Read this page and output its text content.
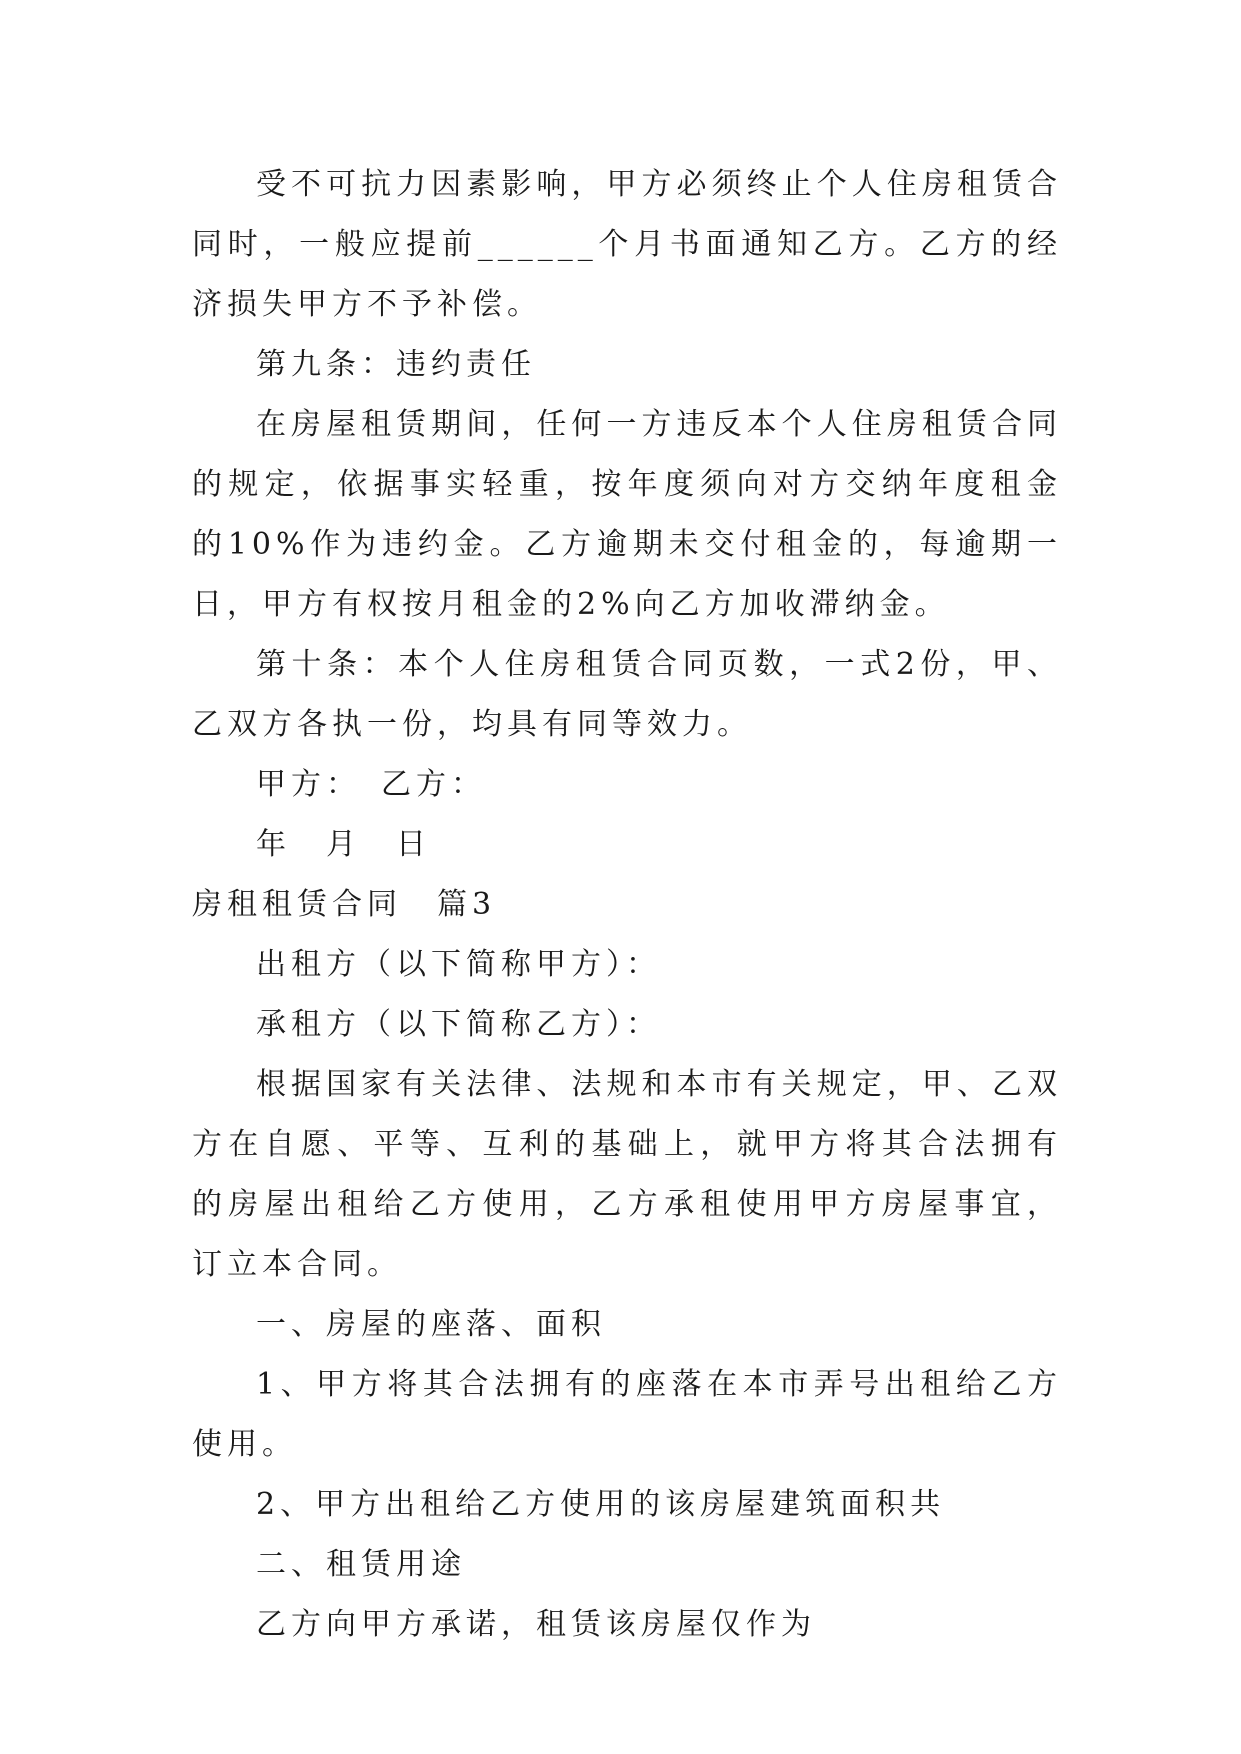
受不可抗力因素影响，甲方必须终止个人住房租赁合同时，一般应提前______个月书面通知乙方。乙方的经济损失甲方不予补偿。

第九条：违约责任

在房屋租赁期间，任何一方违反本个人住房租赁合同的规定，依据事实轻重，按年度须向对方交纳年度租金的10%作为违约金。乙方逾期未交付租金的，每逾期一日，甲方有权按月租金的2%向乙方加收滞纳金。

第十条：本个人住房租赁合同页数，一式2份，甲、乙双方各执一份，均具有同等效力。

甲方：　乙方：

年　月　日

房租租赁合同　篇3

出租方（以下简称甲方）：

承租方（以下简称乙方）：

根据国家有关法律、法规和本市有关规定，甲、乙双方在自愿、平等、互利的基础上，就甲方将其合法拥有的房屋出租给乙方使用，乙方承租使用甲方房屋事宜，订立本合同。

一、房屋的座落、面积

1、甲方将其合法拥有的座落在本市弄号出租给乙方使用。

2、甲方出租给乙方使用的该房屋建筑面积共

二、租赁用途

乙方向甲方承诺，租赁该房屋仅作为
